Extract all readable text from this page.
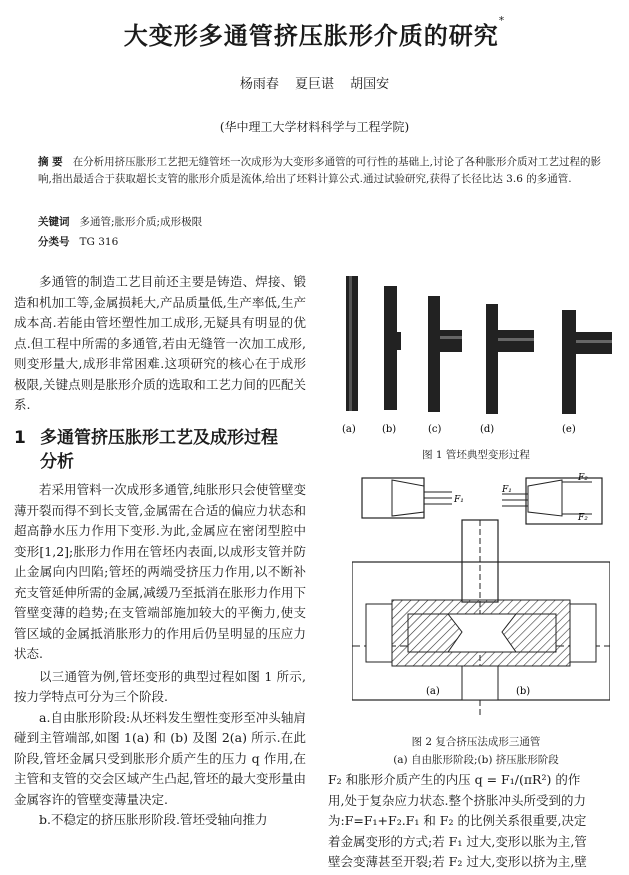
大变形多通管挤压胀形介质的研究*
杨雨春 夏巨谌 胡国安
(华中理工大学材料科学与工程学院)
摘 要 在分析用挤压胀形工艺把无缝管坯一次成形为大变形多通管的可行性的基础上,讨论了各种胀形介质对工艺过程的影响,指出最适合于获取超长支管的胀形介质是流体,给出了坯料计算公式.通过试验研究,获得了长径比达 3.6 的多通管.
关键词 多通管;胀形介质;成形极限
分类号 TG 316

多通管的制造工艺目前还主要是铸造、焊接、锻造和机加工等,金属损耗大,产品质量低,生产率低,生产成本高.若能由管坯塑性加工成形,无疑具有明显的优点.但工程中所需的多通管,若由无缝管一次加工成形,则变形量大,成形非常困难.这项研究的核心在于成形极限,关键点则是胀形介质的选取和工艺力间的匹配关系.

1 多通管挤压胀形工艺及成形过程
分析

若采用管料一次成形多通管,纯胀形只会使管壁变薄开裂而得不到长支管,金属需在合适的偏应力状态和超高静水压力作用下变形.为此,金属应在密闭型腔中变形[1,2];胀形力作用在管坯内表面,以成形支管并防止金属向内凹陷;管坯的两端受挤压力作用,以不断补充支管延伸所需的金属,减缓乃至抵消在胀形力作用下管壁变薄的趋势;在支管端部施加较大的平衡力,使支管区域的金属抵消胀形力的作用后仍呈明显的压应力状态.

以三通管为例,管坯变形的典型过程如图 1 所示,按力学特点可分为三个阶段.

a.自由胀形阶段:从坯料发生塑性变形至冲头轴肩碰到主管端部,如图 1(a) 和 (b) 及图 2(a) 所示.在此阶段,管坯金属只受到胀形介质产生的压力 q 作用,在主管和支管的交会区域产生凸起,管坯的最大变形量由金属容许的管壁变薄量决定.

b.不稳定的挤压胀形阶段.管坯受轴向推力

(a)	(b)	(c)	(d)	(e)
图 1 管坯典型变形过程
F₁
F₁
F₂
F₂
(a)	(b)
图 2 复合挤压法成形三通管
(a) 自由胀形阶段;(b) 挤压胀形阶段
F₂ 和胀形介质产生的内压 q = F₁/(πR²) 的作
用,处于复杂应力状态.整个挤胀冲头所受到的力
为:F=F₁+F₂.F₁ 和 F₂ 的比例关系很重要,决定
着金属变形的方式;若 F₁ 过大,变形以胀为主,管
壁会变薄甚至开裂;若 F₂ 过大,变形以挤为主,壁
